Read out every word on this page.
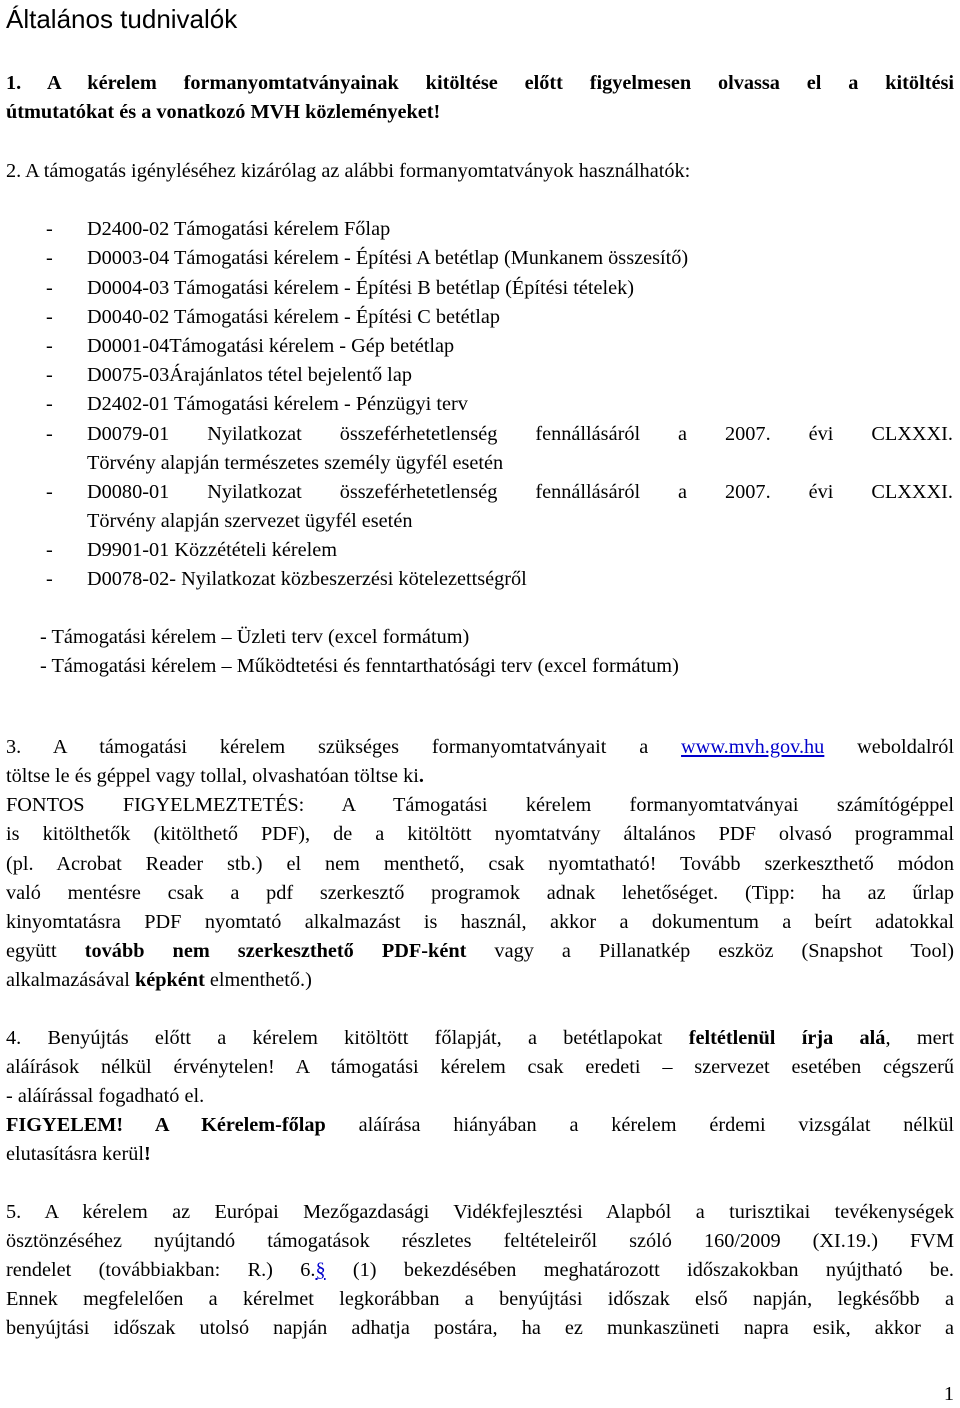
Általános tudnivalók
1. A kérelem formanyomtatványainak kitöltése előtt figyelmesen olvassa el a kitöltési
útmutatókat és a vonatkozó MVH közleményeket!
2. A támogatás igényléséhez kizárólag az alábbi formanyomtatványok használhatók:
- D2400-02 Támogatási kérelem Főlap
- D0003-04 Támogatási kérelem - Építési A betétlap (Munkanem összesítő)
- D0004-03 Támogatási kérelem - Építési B betétlap (Építési tételek)
- D0040-02 Támogatási kérelem - Építési C betétlap
- D0001-04Támogatási kérelem - Gép betétlap
- D0075-03Árajánlatos tétel bejelentő lap
- D2402-01 Támogatási kérelem - Pénzügyi terv
- D0079-01 Nyilatkozat összeférhetetlenség fennállásáról a 2007. évi CLXXXI.
Törvény alapján természetes személy ügyfél esetén
- D0080-01 Nyilatkozat összeférhetetlenség fennállásáról a 2007. évi CLXXXI.
Törvény alapján szervezet ügyfél esetén
- D9901-01 Közzétételi kérelem
- D0078-02- Nyilatkozat közbeszerzési kötelezettségről
- Támogatási kérelem – Üzleti terv (excel formátum)
- Támogatási kérelem – Működtetési és fenntarthatósági terv (excel formátum)
3. A támogatási kérelem szükséges formanyomtatványait a www.mvh.gov.hu weboldalról
töltse le és géppel vagy tollal, olvashatóan töltse ki.
FONTOS FIGYELMEZTETÉS: A Támogatási kérelem formanyomtatványai számítógéppel
is kitölthetők (kitölthető PDF), de a kitöltött nyomtatvány általános PDF olvasó programmal
(pl. Acrobat Reader stb.) el nem menthető, csak nyomtatható! Tovább szerkeszthető módon
való mentésre csak a pdf szerkesztő programok adnak lehetőséget. (Tipp: ha az űrlap
kinyomtatásra PDF nyomtató alkalmazást is használ, akkor a dokumentum a beírt adatokkal
együtt tovább nem szerkeszthető PDF-ként vagy a Pillanatkép eszköz (Snapshot Tool)
alkalmazásával képként elmenthető.)
4. Benyújtás előtt a kérelem kitöltött főlapját, a betétlapokat feltétlenül írja alá, mert
aláírások nélkül érvénytelen! A támogatási kérelem csak eredeti – szervezet esetében cégszerű
- aláírással fogadható el.
FIGYELEM! A Kérelem-főlap aláírása hiányában a kérelem érdemi vizsgálat nélkül
elutasításra kerül!
5. A kérelem az Európai Mezőgazdasági Vidékfejlesztési Alapból a turisztikai tevékenységek
ösztönzéséhez nyújtandó támogatások részletes feltételeiről szóló 160/2009 (XI.19.) FVM
rendelet (továbbiakban: R.) 6.§ (1) bekezdésében meghatározott időszakokban nyújtható be.
Ennek megfelelően a kérelmet legkorábban a benyújtási időszak első napján, legkésőbb a
benyújtási időszak utolsó napján adhatja postára, ha ez munkaszüneti napra esik, akkor a
1
